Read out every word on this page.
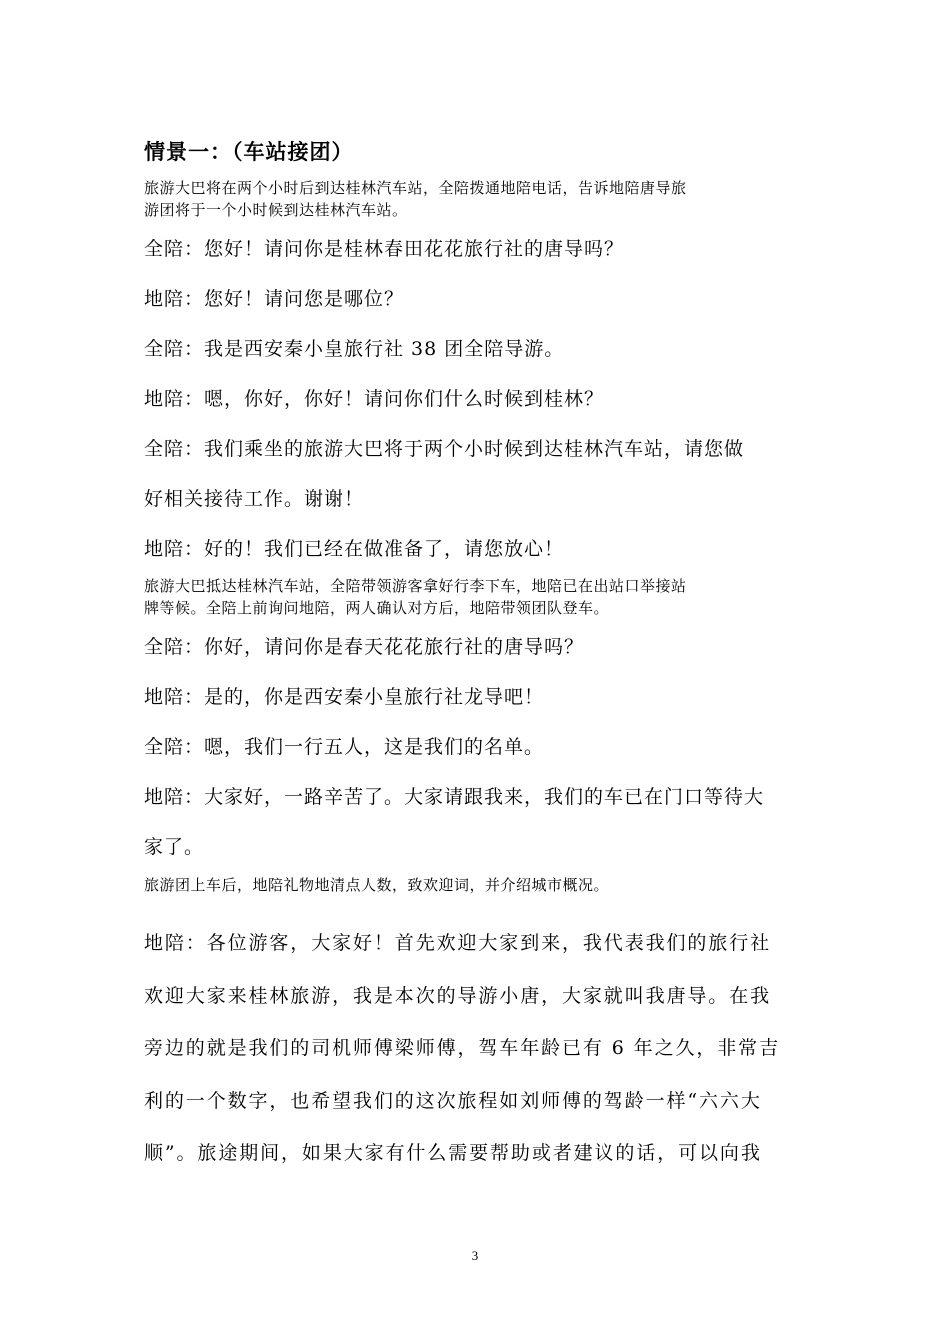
情景一：（车站接团）
旅游大巴将在两个小时后到达桂林汽车站，全陪拨通地陪电话，告诉地陪唐导旅
游团将于一个小时候到达桂林汽车站。
全陪：您好！请问你是桂林春田花花旅行社的唐导吗？
地陪：您好！请问您是哪位？
全陪：我是西安秦小皇旅行社 38 团全陪导游。
地陪：嗯，你好，你好！请问你们什么时候到桂林？
全陪：我们乘坐的旅游大巴将于两个小时候到达桂林汽车站，请您做
好相关接待工作。谢谢！
地陪：好的！我们已经在做准备了，请您放心！
旅游大巴抵达桂林汽车站，全陪带领游客拿好行李下车，地陪已在出站口举接站
牌等候。全陪上前询问地陪，两人确认对方后，地陪带领团队登车。
全陪：你好，请问你是春天花花旅行社的唐导吗？
地陪：是的，你是西安秦小皇旅行社龙导吧！
全陪：嗯，我们一行五人，这是我们的名单。
地陪：大家好，一路辛苦了。大家请跟我来，我们的车已在门口等待大
家了。
旅游团上车后，地陪礼物地清点人数，致欢迎词，并介绍城市概况。
地陪：各位游客，大家好！首先欢迎大家到来，我代表我们的旅行社
欢迎大家来桂林旅游，我是本次的导游小唐，大家就叫我唐导。在我
旁边的就是我们的司机师傅梁师傅，驾车年龄已有 6 年之久，非常吉
利的一个数字，也希望我们的这次旅程如刘师傅的驾龄一样“六六大
顺”。旅途期间，如果大家有什么需要帮助或者建议的话，可以向我
3
